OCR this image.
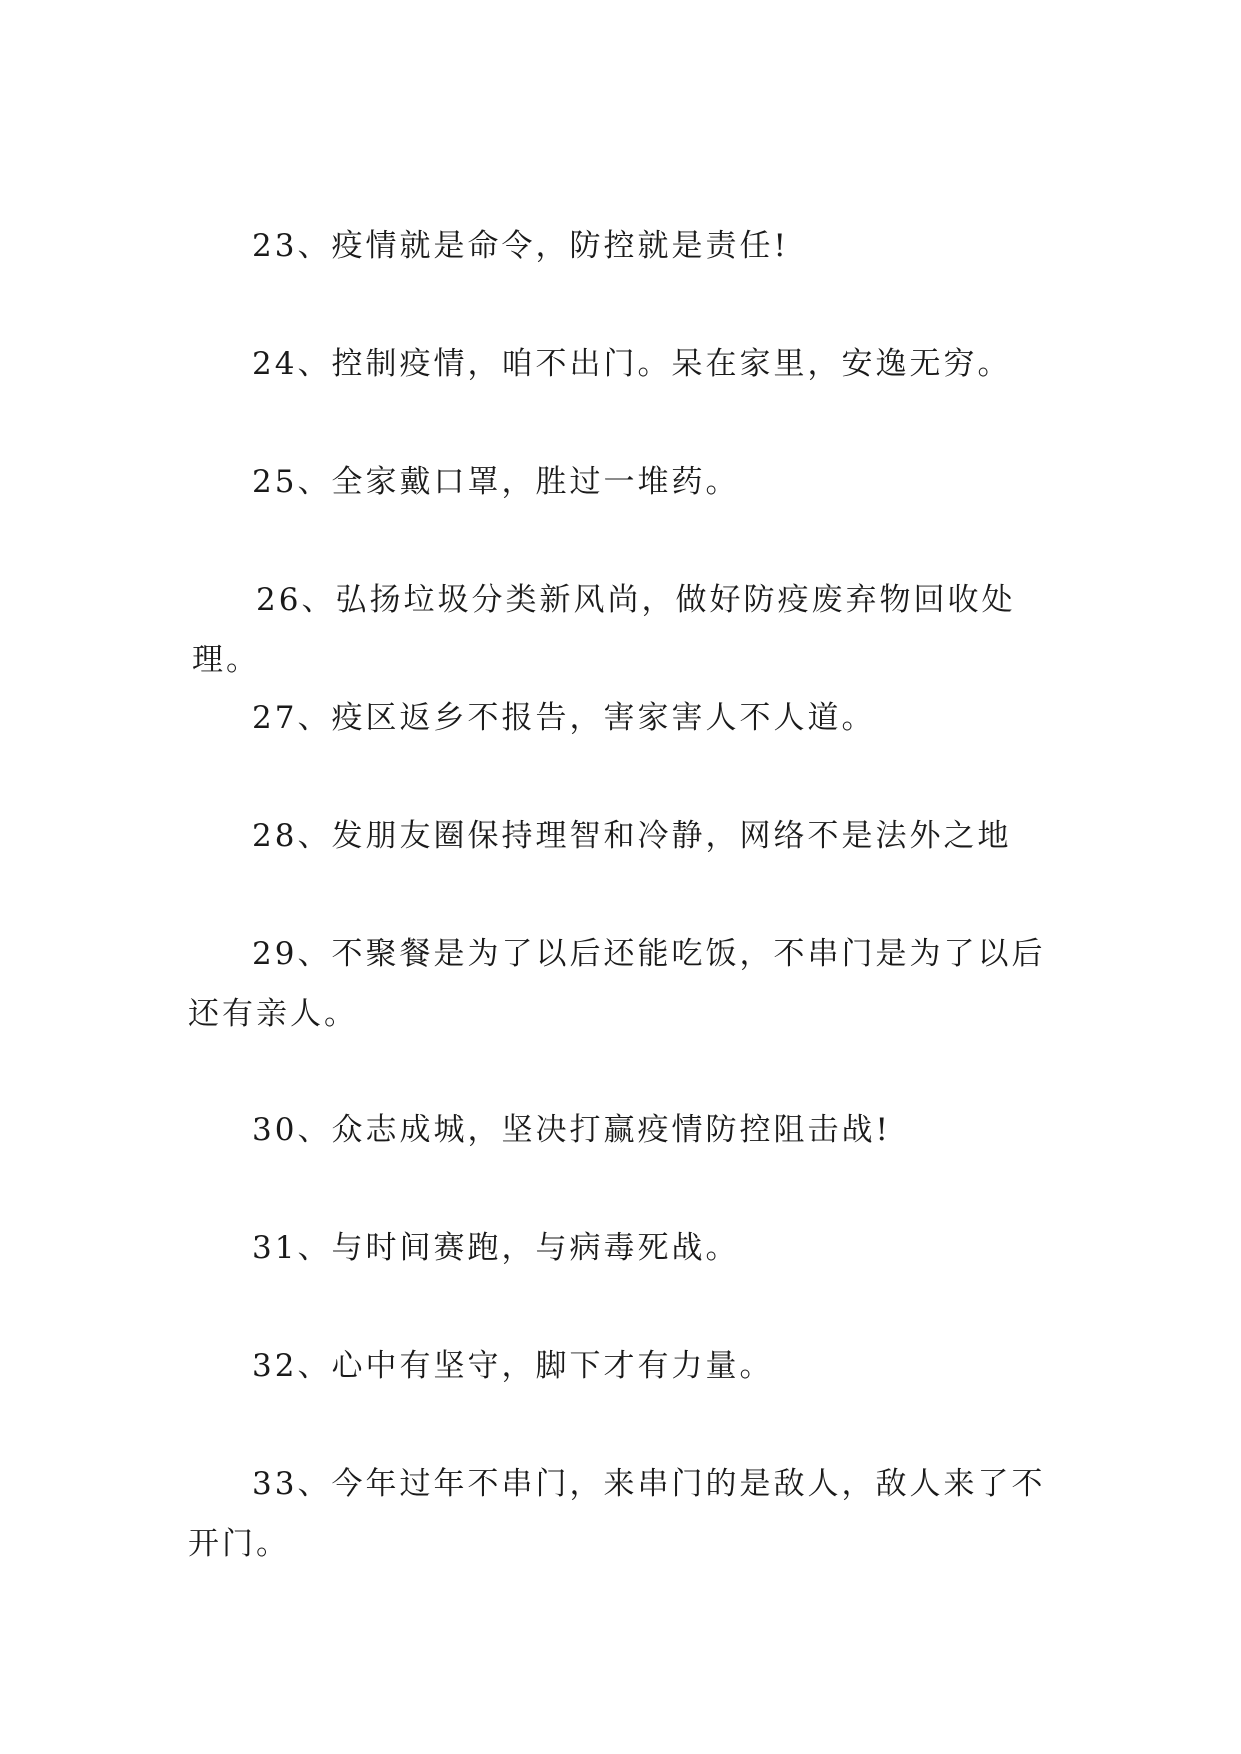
23、疫情就是命令，防控就是责任!

24、控制疫情，咱不出门。呆在家里，安逸无穷。

25、全家戴口罩，胜过一堆药。

26、弘扬垃圾分类新风尚，做好防疫废弃物回收处理。

27、疫区返乡不报告，害家害人不人道。

28、发朋友圈保持理智和冷静，网络不是法外之地

29、不聚餐是为了以后还能吃饭，不串门是为了以后还有亲人。

30、众志成城，坚决打赢疫情防控阻击战!

31、与时间赛跑，与病毒死战。

32、心中有坚守，脚下才有力量。

33、今年过年不串门，来串门的是敌人，敌人来了不开门。
